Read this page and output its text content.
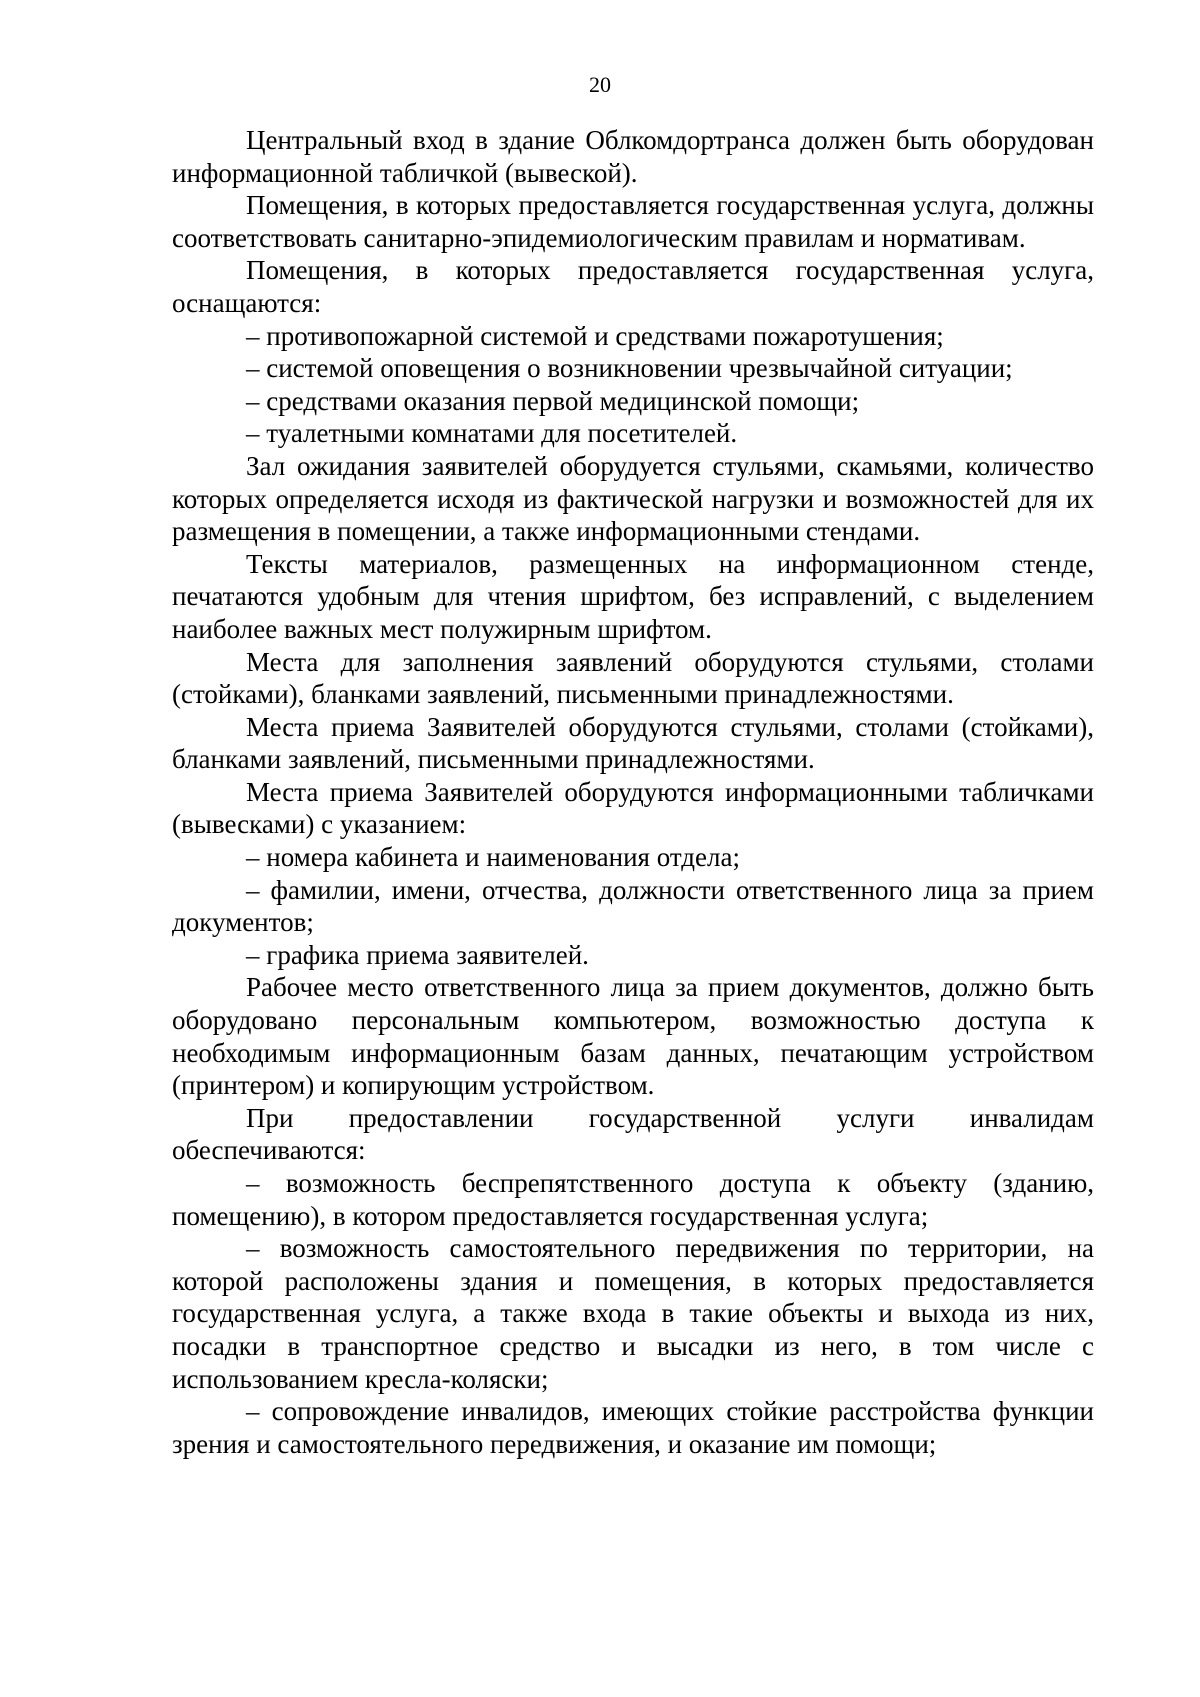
20

Центральный вход в здание Облкомдортранса должен быть оборудован информационной табличкой (вывеской).

Помещения, в которых предоставляется государственная услуга, должны соответствовать санитарно-эпидемиологическим правилам и нормативам.

Помещения, в которых предоставляется государственная услуга, оснащаются:

– противопожарной системой и средствами пожаротушения;

– системой оповещения о возникновении чрезвычайной ситуации;

– средствами оказания первой медицинской помощи;

– туалетными комнатами для посетителей.

Зал ожидания заявителей оборудуется стульями, скамьями, количество которых определяется исходя из фактической нагрузки и возможностей для их размещения в помещении, а также информационными стендами.

Тексты материалов, размещенных на информационном стенде, печатаются удобным для чтения шрифтом, без исправлений, с выделением наиболее важных мест полужирным шрифтом.

Места для заполнения заявлений оборудуются стульями, столами (стойками), бланками заявлений, письменными принадлежностями.

Места приема Заявителей оборудуются стульями, столами (стойками), бланками заявлений, письменными принадлежностями.

Места приема Заявителей оборудуются информационными табличками (вывесками) с указанием:

– номера кабинета и наименования отдела;

– фамилии, имени, отчества, должности ответственного лица за прием документов;

– графика приема заявителей.

Рабочее место ответственного лица за прием документов, должно быть оборудовано персональным компьютером, возможностью доступа к необходимым информационным базам данных, печатающим устройством (принтером) и копирующим устройством.

При предоставлении государственной услуги инвалидам обеспечиваются:

– возможность беспрепятственного доступа к объекту (зданию, помещению), в котором предоставляется государственная услуга;

– возможность самостоятельного передвижения по территории, на которой расположены здания и помещения, в которых предоставляется государственная услуга, а также входа в такие объекты и выхода из них, посадки в транспортное средство и высадки из него, в том числе с использованием кресла-коляски;

– сопровождение инвалидов, имеющих стойкие расстройства функции зрения и самостоятельного передвижения, и оказание им помощи;
